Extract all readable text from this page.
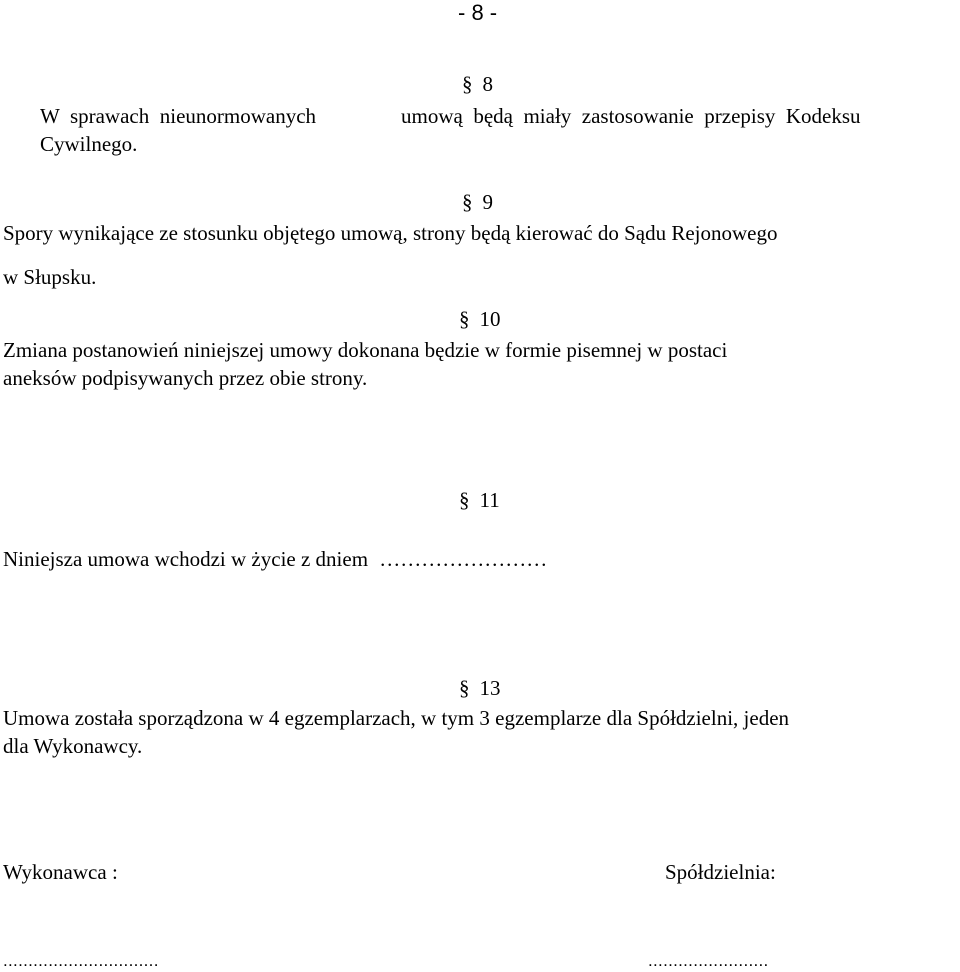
- 8 -
§ 8
W  sprawach  nieunormowanych	umową  będą  miały  zastosowanie  przepisy  Kodeksu
Cywilnego.
§ 9
Spory wynikające ze stosunku objętego umową, strony będą kierować do Sądu Rejonowego
w Słupsku.
§ 10
Zmiana postanowień niniejszej umowy dokonana będzie w formie pisemnej w postaci
aneksów podpisywanych przez obie strony.
§ 11
Niniejsza umowa wchodzi w życie z dniem ……………………
§ 13
Umowa została sporządzona w 4 egzemplarzach, w tym 3 egzemplarze dla Spółdzielni, jeden
dla Wykonawcy.
Wykonawca :	Spółdzielnia:
...............................	........................
